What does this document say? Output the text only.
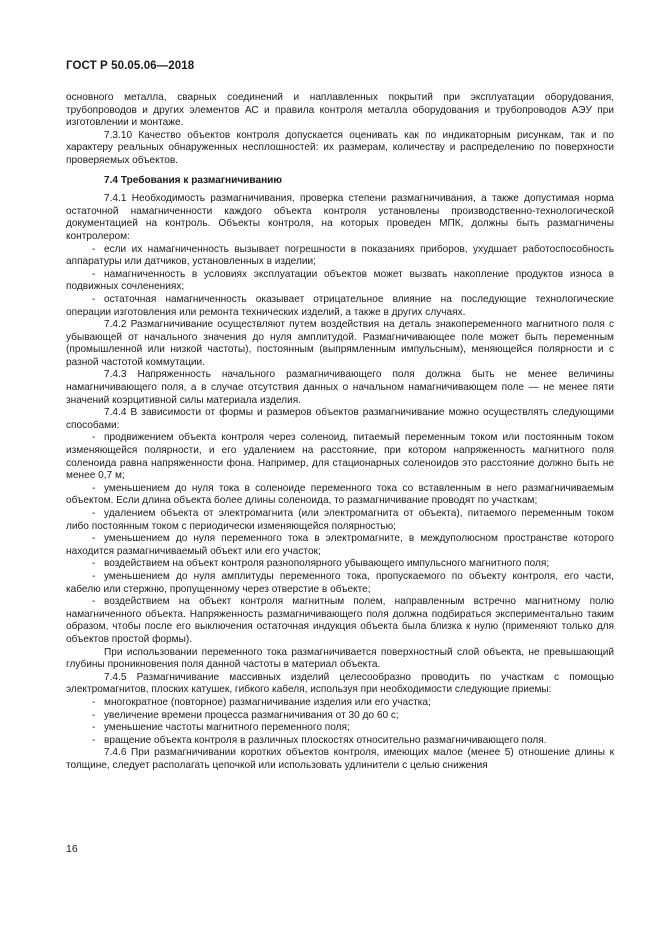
ГОСТ Р 50.05.06—2018

основного металла, сварных соединений и наплавленных покрытий при эксплуатации оборудования, трубопроводов и других элементов АС и правила контроля металла оборудования и трубопроводов АЭУ при изготовлении и монтаже.

7.3.10 Качество объектов контроля допускается оценивать как по индикаторным рисункам, так и по характеру реальных обнаруженных несплошностей: их размерам, количеству и распределению по поверхности проверяемых объектов.

7.4 Требования к размагничиванию

7.4.1 Необходимость размагничивания, проверка степени размагничивания, а также допустимая норма остаточной намагниченности каждого объекта контроля установлены производственно-технологической документацией на контроль. Объекты контроля, на которых проведен МПК, должны быть размагничены контролером:

- если их намагниченность вызывает погрешности в показаниях приборов, ухудшает работоспособность аппаратуры или датчиков, установленных в изделии;

- намагниченность в условиях эксплуатации объектов может вызвать накопление продуктов износа в подвижных сочленениях;

- остаточная намагниченность оказывает отрицательное влияние на последующие технологические операции изготовления или ремонта технических изделий, а также в других случаях.

7.4.2 Размагничивание осуществляют путем воздействия на деталь знакопеременного магнитного поля с убывающей от начального значения до нуля амплитудой. Размагничивающее поле может быть переменным (промышленной или низкой частоты), постоянным (выпрямленным импульсным), меняющейся полярности и с разной частотой коммутации.

7.4.3 Напряженность начального размагничивающего поля должна быть не менее величины намагничивающего поля, а в случае отсутствия данных о начальном намагничивающем поле — не менее пяти значений коэрцитивной силы материала изделия.

7.4.4 В зависимости от формы и размеров объектов размагничивание можно осуществлять следующими способами:

- продвижением объекта контроля через соленоид, питаемый переменным током или постоянным током изменяющейся полярности, и его удалением на расстояние, при котором напряженность магнитного поля соленоида равна напряженности фона. Например, для стационарных соленоидов это расстояние должно быть не менее 0,7 м;

- уменьшением до нуля тока в соленоиде переменного тока со вставленным в него размагничиваемым объектом. Если длина объекта более длины соленоида, то размагничивание проводят по участкам;

- удалением объекта от электромагнита (или электромагнита от объекта), питаемого переменным током либо постоянным током с периодически изменяющейся полярностью;

- уменьшением до нуля переменного тока в электромагните, в междуполюсном пространстве которого находится размагничиваемый объект или его участок;

- воздействием на объект контроля разнополярного убывающего импульсного магнитного поля;

- уменьшением до нуля амплитуды переменного тока, пропускаемого по объекту контроля, его части, кабелю или стержню, пропущенному через отверстие в объекте;

- воздействием на объект контроля магнитным полем, направленным встречно магнитному полю намагниченного объекта. Напряженность размагничивающего поля должна подбираться экспериментально таким образом, чтобы после его выключения остаточная индукция объекта была близка к нулю (применяют только для объектов простой формы).

При использовании переменного тока размагничивается поверхностный слой объекта, не превышающий глубины проникновения поля данной частоты в материал объекта.

7.4.5 Размагничивание массивных изделий целесообразно проводить по участкам с помощью электромагнитов, плоских катушек, гибкого кабеля, используя при необходимости следующие приемы:

- многократное (повторное) размагничивание изделия или его участка;

- увеличение времени процесса размагничивания от 30 до 60 с;

- уменьшение частоты магнитного переменного поля;

- вращение объекта контроля в различных плоскостях относительно размагничивающего поля.

7.4.6 При размагничивании коротких объектов контроля, имеющих малое (менее 5) отношение длины к толщине, следует располагать цепочкой или использовать удлинители с целью снижения

16
